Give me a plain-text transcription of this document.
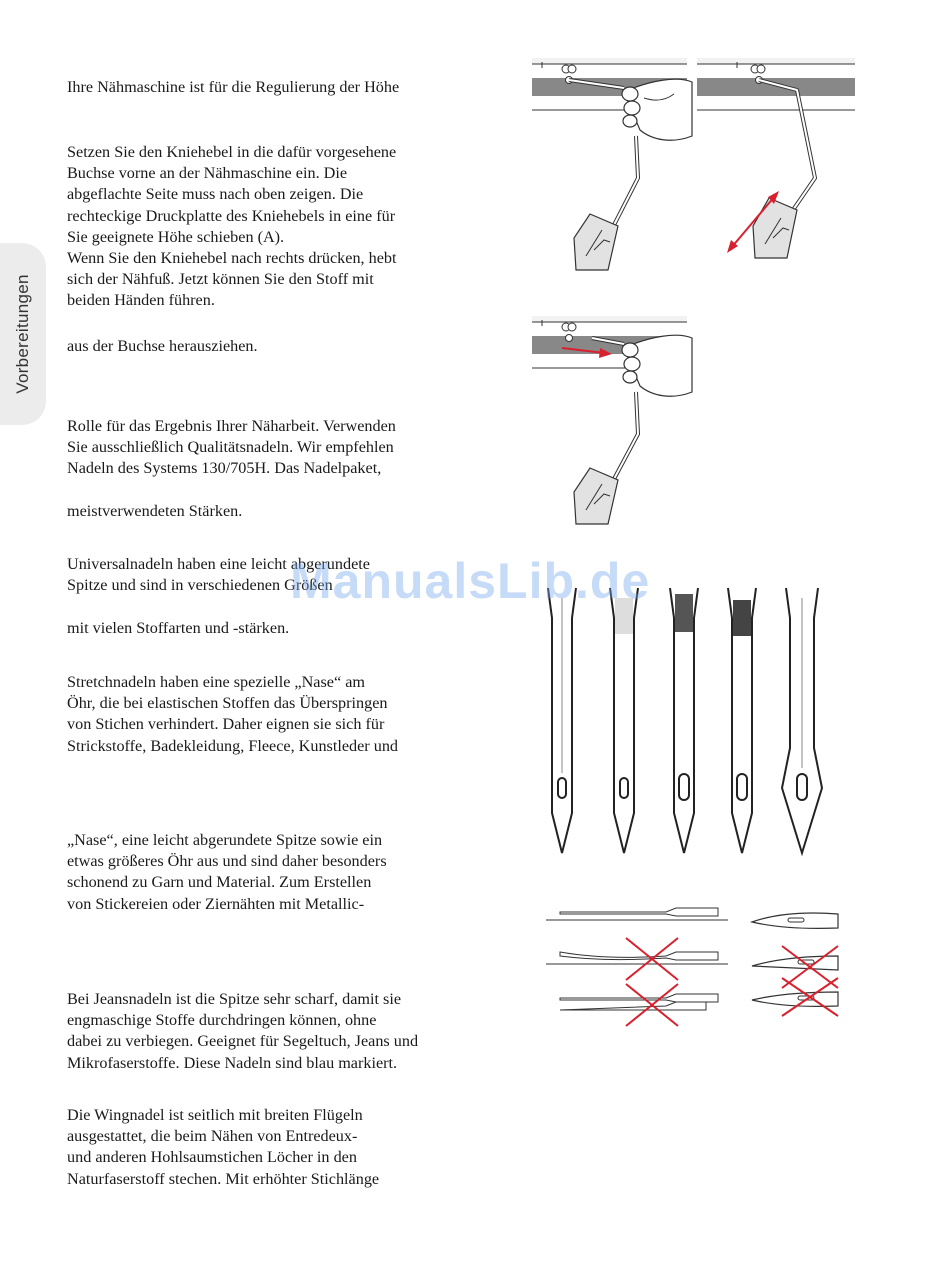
Vorbereitungen
Ihre Nähmaschine ist für die Regulierung der Höhe
Setzen Sie den Kniehebel in die dafür vorgesehene
Buchse vorne an der Nähmaschine ein. Die
abgeflachte Seite muss nach oben zeigen. Die
rechteckige Druckplatte des Kniehebels in eine für
Sie geeignete Höhe schieben (A).
Wenn Sie den Kniehebel nach rechts drücken, hebt
sich der Nähfuß. Jetzt können Sie den Stoff mit
beiden Händen führen.
aus der Buchse herausziehen.
Rolle für das Ergebnis Ihrer Näharbeit. Verwenden
Sie ausschließlich Qualitätsnadeln. Wir empfehlen
Nadeln des Systems 130/705H. Das Nadelpaket,
meistverwendeten Stärken.
Universalnadeln haben eine leicht abgerundete
Spitze und sind in verschiedenen Größen
mit vielen Stoffarten und -stärken.
Stretchnadeln haben eine spezielle „Nase“ am
Öhr, die bei elastischen Stoffen das Überspringen
von Stichen verhindert. Daher eignen sie sich für
Strickstoffe, Badekleidung, Fleece, Kunstleder und
„Nase“, eine leicht abgerundete Spitze sowie ein
etwas größeres Öhr aus und sind daher besonders
schonend zu Garn und Material. Zum Erstellen
von Stickereien oder Ziernähten mit Metallic-
Bei Jeansnadeln ist die Spitze sehr scharf, damit sie
engmaschige Stoffe durchdringen können, ohne
dabei zu verbiegen. Geeignet für Segeltuch, Jeans und
Mikrofaserstoffe. Diese Nadeln sind blau markiert.
Die Wingnadel ist seitlich mit breiten Flügeln
ausgestattet, die beim Nähen von Entredeux-
und anderen Hohlsaumstichen Löcher in den
Naturfaserstoff stechen. Mit erhöhter Stichlänge
ManualsLib.de
